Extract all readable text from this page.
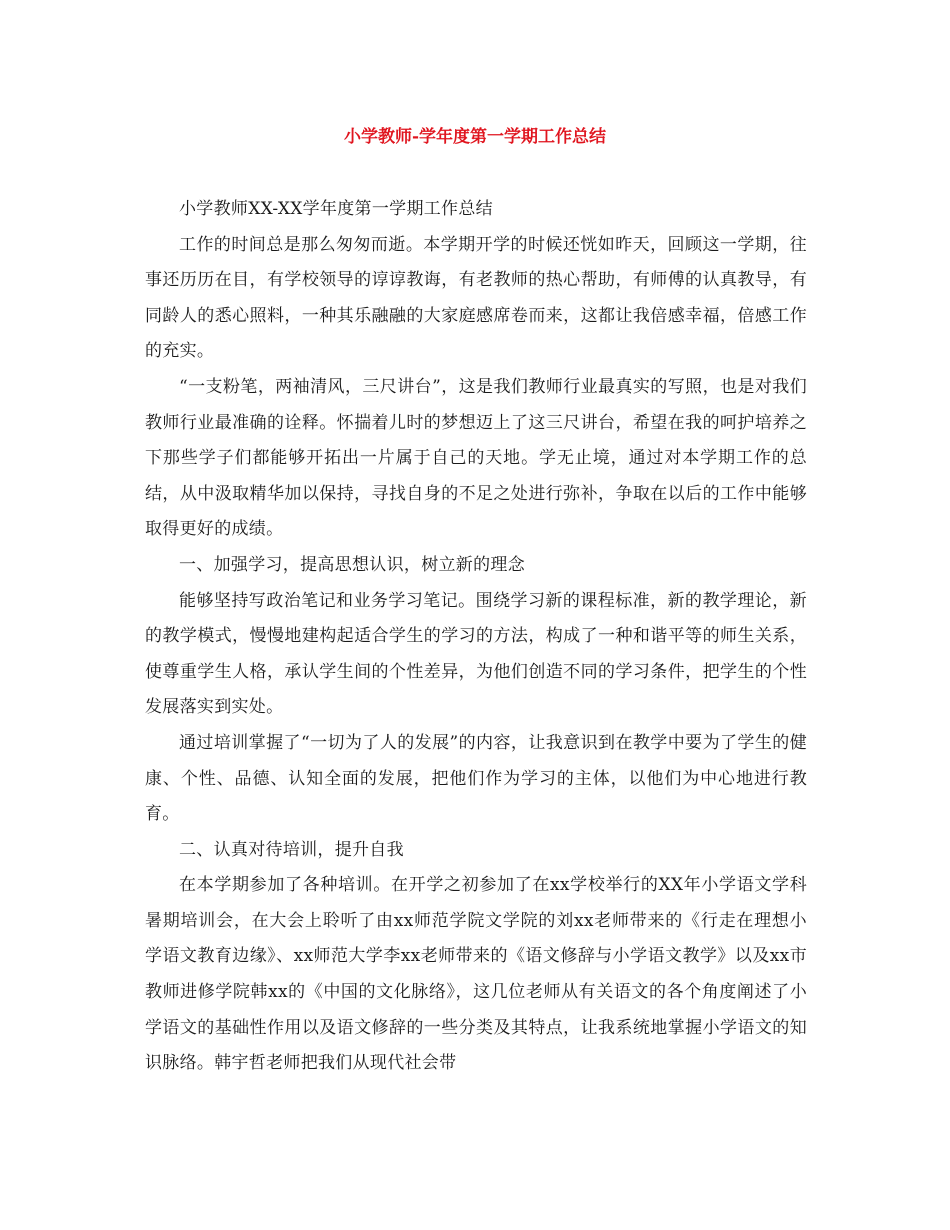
小学教师-学年度第一学期工作总结

小学教师XX-XX学年度第一学期工作总结

工作的时间总是那么匆匆而逝。本学期开学的时候还恍如昨天，回顾这一学期，往事还历历在目，有学校领导的谆谆教诲，有老教师的热心帮助，有师傅的认真教导，有同龄人的悉心照料，一种其乐融融的大家庭感席卷而来，这都让我倍感幸福，倍感工作的充实。

“一支粉笔，两袖清风，三尺讲台”，这是我们教师行业最真实的写照，也是对我们教师行业最准确的诠释。怀揣着儿时的梦想迈上了这三尺讲台，希望在我的呵护培养之下那些学子们都能够开拓出一片属于自己的天地。学无止境，通过对本学期工作的总结，从中汲取精华加以保持，寻找自身的不足之处进行弥补，争取在以后的工作中能够取得更好的成绩。

一、加强学习，提高思想认识，树立新的理念

能够坚持写政治笔记和业务学习笔记。围绕学习新的课程标准，新的教学理论，新的教学模式，慢慢地建构起适合学生的学习的方法，构成了一种和谐平等的师生关系，使尊重学生人格，承认学生间的个性差异，为他们创造不同的学习条件，把学生的个性发展落实到实处。

通过培训掌握了“一切为了人的发展”的内容，让我意识到在教学中要为了学生的健康、个性、品德、认知全面的发展，把他们作为学习的主体，以他们为中心地进行教育。

二、认真对待培训，提升自我

在本学期参加了各种培训。在开学之初参加了在xx学校举行的XX年小学语文学科暑期培训会，在大会上聆听了由xx师范学院文学院的刘xx老师带来的《行走在理想小学语文教育边缘》、xx师范大学李xx老师带来的《语文修辞与小学语文教学》以及xx市教师进修学院韩xx的《中国的文化脉络》，这几位老师从有关语文的各个角度阐述了小学语文的基础性作用以及语文修辞的一些分类及其特点，让我系统地掌握小学语文的知识脉络。韩宇哲老师把我们从现代社会带
